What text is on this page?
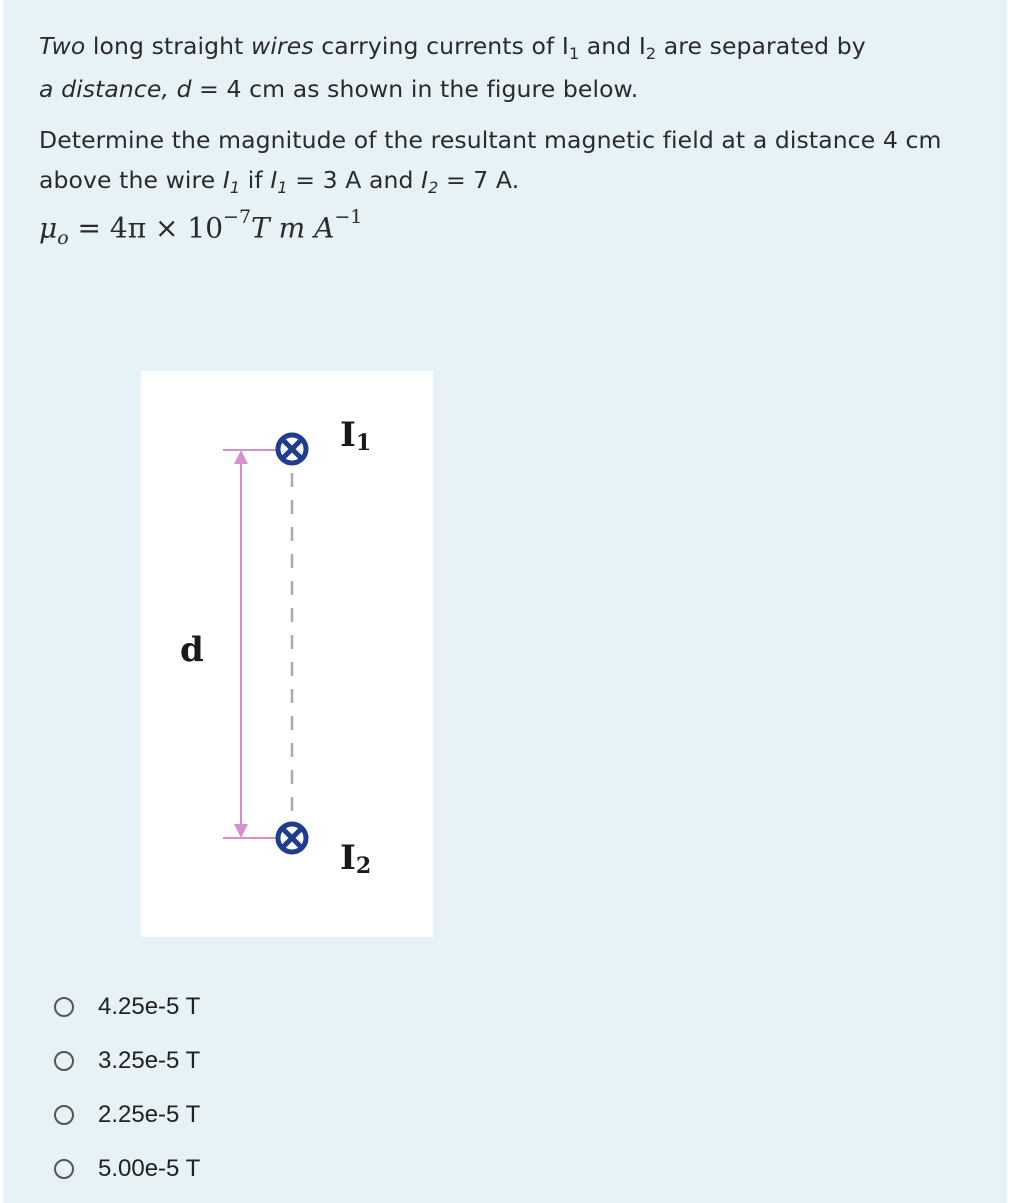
Two long straight wires carrying currents of $I_1$ and $I_2$ are separated by
a distance, d = 4 cm as shown in the figure below.
Determine the magnitude of the resultant magnetic field at a distance 4 cm
above the wire $I_1$ if $I_1 = 3$ A and $I_2 = 7$ A.
$\mu_o = 4\pi \times 10^{-7}T$ m $A^{-1}$
I1
I2
d
4.25e-5 T
3.25e-5 T
2.25e-5 T
5.00e-5 T
